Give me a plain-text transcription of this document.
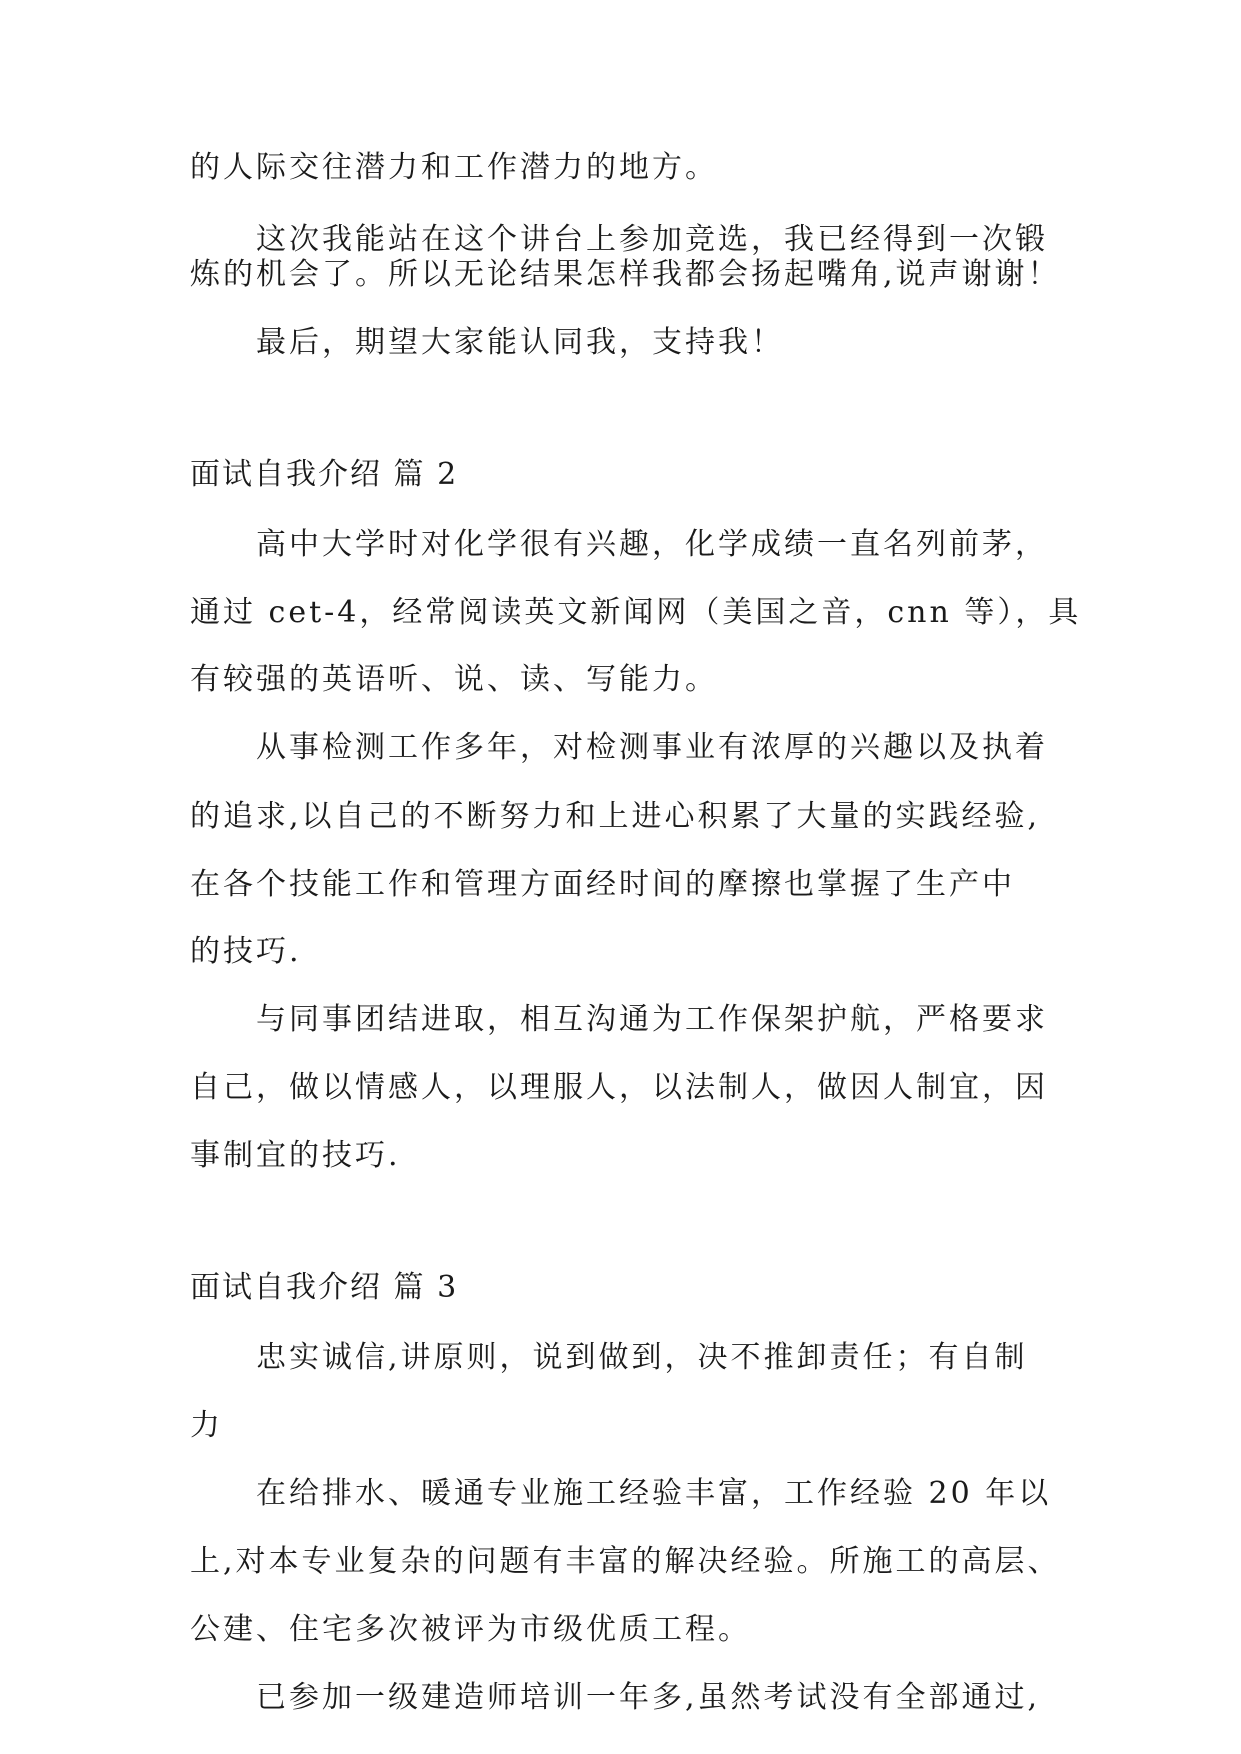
的人际交往潜力和工作潜力的地方。
这次我能站在这个讲台上参加竞选，我已经得到一次锻
炼的机会了。所以无论结果怎样我都会扬起嘴角,说声谢谢！
最后，期望大家能认同我，支持我！
面试自我介绍 篇 2
高中大学时对化学很有兴趣，化学成绩一直名列前茅，
通过 cet-4，经常阅读英文新闻网（美国之音，cnn 等），具
有较强的英语听、说、读、写能力。
从事检测工作多年，对检测事业有浓厚的兴趣以及执着
的追求,以自己的不断努力和上进心积累了大量的实践经验,
在各个技能工作和管理方面经时间的摩擦也掌握了生产中
的技巧.
与同事团结进取，相互沟通为工作保架护航，严格要求
自己，做以情感人，以理服人，以法制人，做因人制宜，因
事制宜的技巧.
面试自我介绍 篇 3
忠实诚信,讲原则，说到做到，决不推卸责任；有自制
力
在给排水、暖通专业施工经验丰富，工作经验 20 年以
上,对本专业复杂的问题有丰富的解决经验。所施工的高层、
公建、住宅多次被评为市级优质工程。
已参加一级建造师培训一年多,虽然考试没有全部通过,
